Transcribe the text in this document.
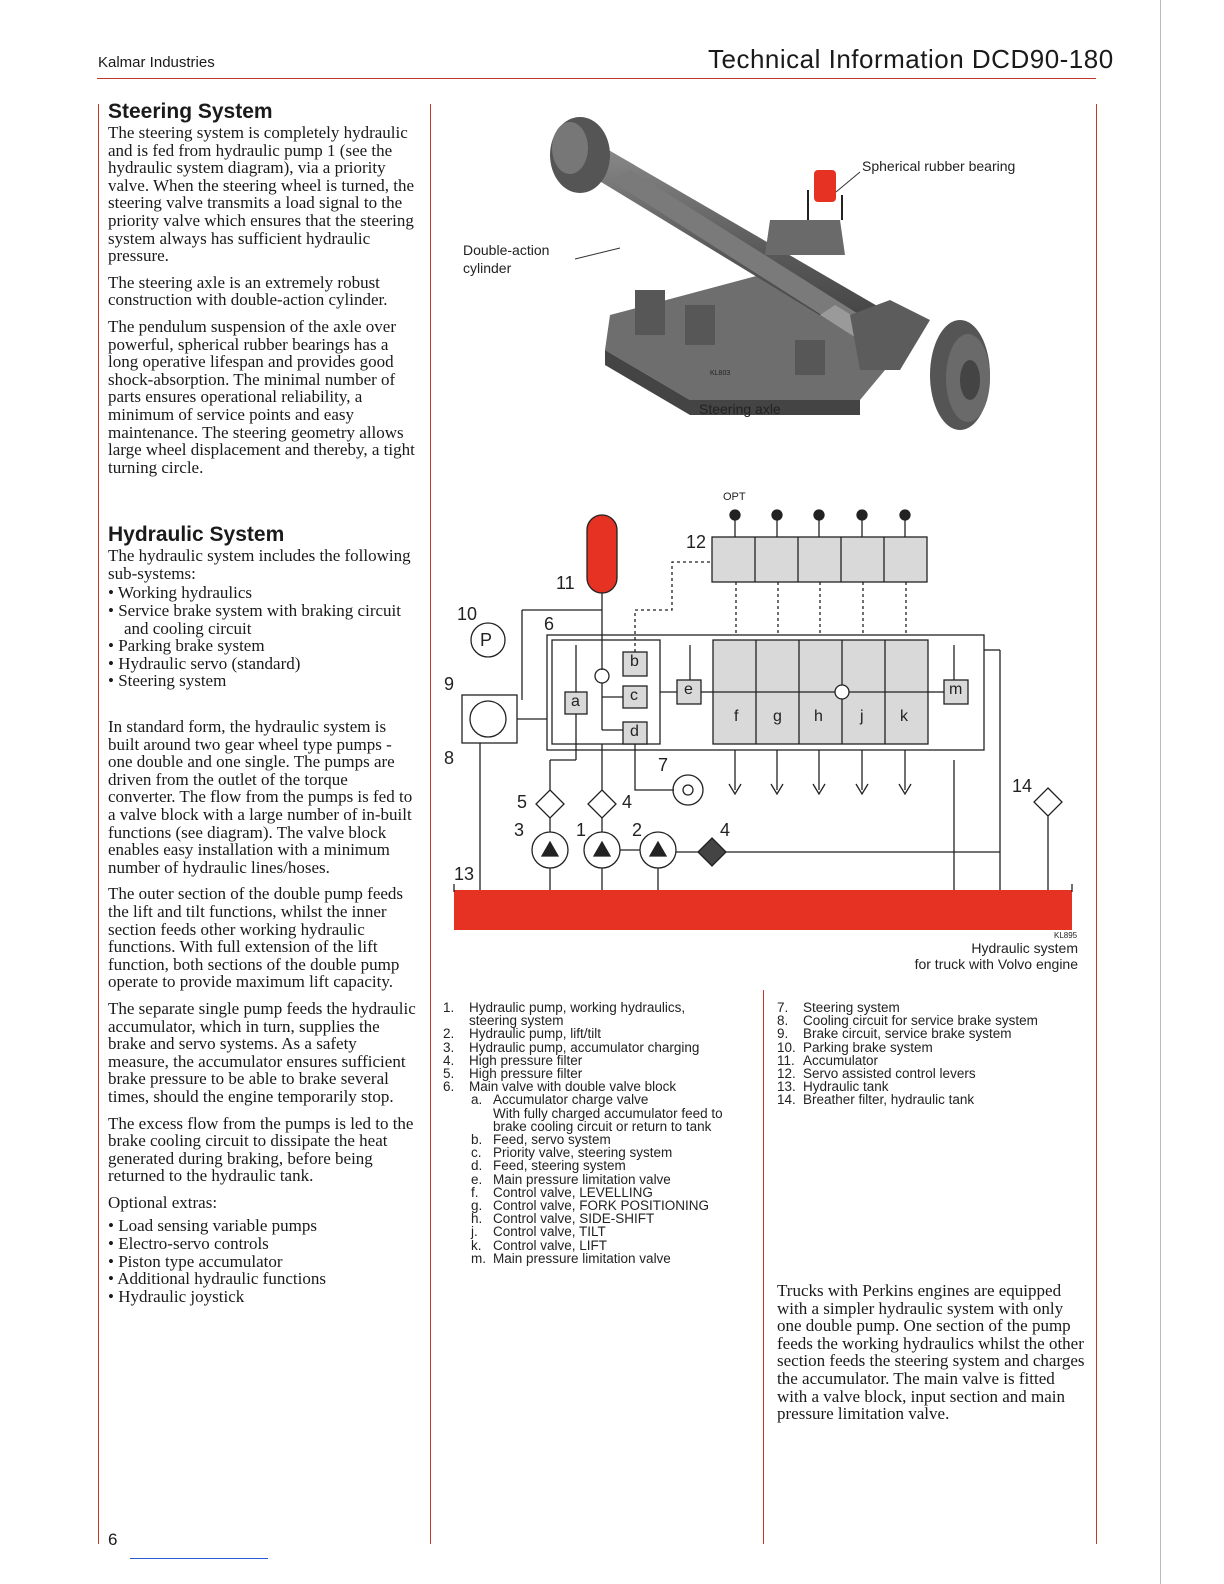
Kalmar Industries	Technical Information DCD90-180
Steering System

The steering system is completely hydraulic and is fed from hydraulic pump 1 (see the hydraulic system diagram), via a priority valve. When the steering wheel is turned, the steering valve transmits a load signal to the priority valve which ensures that the steering system always has sufficient hydraulic pressure.

The steering axle is an extremely robust construction with double-action cylinder.

The pendulum suspension of the axle over powerful, spherical rubber bearings has a long operative lifespan and provides good shock-absorption. The minimal number of parts ensures operational reliability, a minimum of service points and easy maintenance. The steering geometry allows large wheel displacement and thereby, a tight turning circle.

Hydraulic System

The hydraulic system includes the following sub-systems:

• Working hydraulics
• Service brake system with braking circuit and cooling circuit
• Parking brake system
• Hydraulic servo (standard)
• Steering system

In standard form, the hydraulic system is built around two gear wheel type pumps - one double and one single. The pumps are driven from the outlet of the torque converter. The flow from the pumps is fed to a valve block with a large number of in-built functions (see diagram). The valve block enables easy installation with a minimum number of hydraulic lines/hoses.

The outer section of the double pump feeds the lift and tilt functions, whilst the inner section feeds other working hydraulic functions. With full extension of the lift function, both sections of the double pump operate to provide maximum lift capacity.

The separate single pump feeds the hydraulic accumulator, which in turn, supplies the brake and servo systems. As a safety measure, the accumulator ensures sufficient brake pressure to be able to brake several times, should the engine temporarily stop.

The excess flow from the pumps is led to the brake cooling circuit to dissipate the heat generated during braking, before being returned to the hydraulic tank.

Optional extras:

• Load sensing variable pumps
• Electro-servo controls
• Piston type accumulator
• Additional hydraulic functions
• Hydraulic joystick
Spherical rubber bearing
Double-action
cylinder
KL803
Steering axle
OPT
12
11
10	6
P
9
8	7
5	4
3	1	2	4
14
13
a
b
c
d
e
f g h j k
m
KL895
Hydraulic system
for truck with Volvo engine
1.	Hydraulic pump, working hydraulics,
steering system
2.	Hydraulic pump, lift/tilt
3.	Hydraulic pump, accumulator charging
4.	High pressure filter
5.	High pressure filter
6.	Main valve with double valve block
a. Accumulator charge valve
With fully charged accumulator feed to
brake cooling circuit or return to tank
b. Feed, servo system
c. Priority valve, steering system
d. Feed, steering system
e. Main pressure limitation valve
f.	Control valve, LEVELLING
g. Control valve, FORK POSITIONING
h. Control valve, SIDE-SHIFT
j.	Control valve, TILT
k. Control valve, LIFT
m. Main pressure limitation valve
7.	Steering system
8.	Cooling circuit for service brake system
9.	Brake circuit, service brake system
10. Parking brake system
11. Accumulator
12. Servo assisted control levers
13. Hydraulic tank
14. Breather filter, hydraulic tank

Trucks with Perkins engines are equipped with a simpler hydraulic system with only one double pump. One section of the pump feeds the working hydraulics whilst the other section feeds the steering system and charges the accumulator. The main valve is fitted with a valve block, input section and main pressure limitation valve.

6
